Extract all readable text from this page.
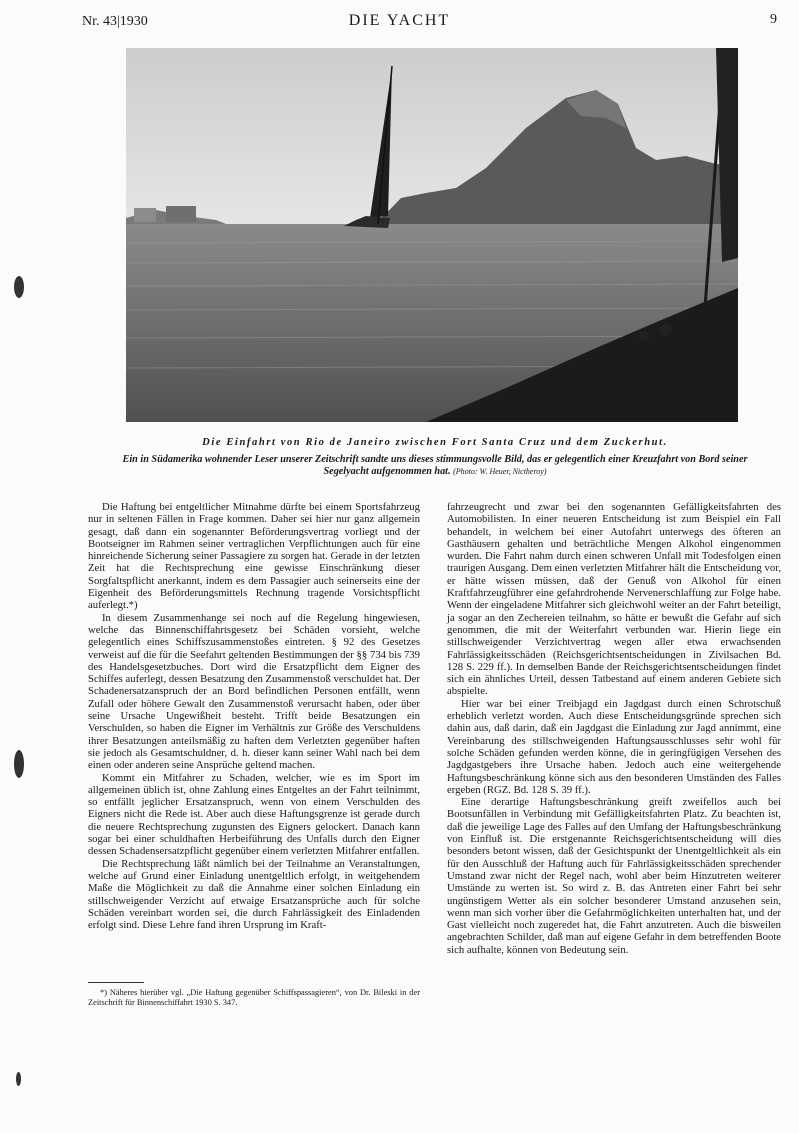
Nr. 43|1930	DIE YACHT	9
Die Einfahrt von Rio de Janeiro zwischen Fort Santa Cruz und dem Zuckerhut.
Ein in Südamerika wohnender Leser unserer Zeitschrift sandte uns dieses stimmungsvolle Bild, das er gelegentlich einer Kreuzfahrt von Bord seiner Segelyacht aufgenommen hat. (Photo: W. Heuer, Nictheroy)

Die Haftung bei entgeltlicher Mitnahme dürfte bei einem Sportsfahrzeug nur in seltenen Fällen in Frage kommen. Daher sei hier nur ganz allgemein gesagt, daß dann ein sogenannter Beförderungsvertrag vorliegt und der Bootseigner im Rahmen seiner vertraglichen Verpflichtungen auch für eine hinreichende Sicherung seiner Passagiere zu sorgen hat. Gerade in der letzten Zeit hat die Rechtsprechung eine gewisse Einschränkung dieser Sorgfaltspflicht anerkannt, indem es dem Passagier auch seinerseits eine der Eigenheit des Beförderungsmittels Rechnung tragende Vorsichtspflicht auferlegt.*)

In diesem Zusammenhange sei noch auf die Regelung hingewiesen, welche das Binnenschiffahrtsgesetz bei Schäden vorsieht, welche gelegentlich eines Schiffszusammenstoßes eintreten. § 92 des Gesetzes verweist auf die für die Seefahrt geltenden Bestimmungen der §§ 734 bis 739 des Handelsgesetzbuches. Dort wird die Ersatzpflicht dem Eigner des Schiffes auferlegt, dessen Besatzung den Zusammenstoß verschuldet hat. Der Schadenersatzanspruch der an Bord befindlichen Personen entfällt, wenn Zufall oder höhere Gewalt den Zusammenstoß verursacht haben, oder über seine Ursache Ungewißheit besteht. Trifft beide Besatzungen ein Verschulden, so haben die Eigner im Verhältnis zur Größe des Verschuldens ihrer Besatzungen anteilsmäßig zu haften dem Verletzten gegenüber haften sie jedoch als Gesamtschuldner, d. h. dieser kann seiner Wahl nach bei dem einen oder anderen seine Ansprüche geltend machen.

Kommt ein Mitfahrer zu Schaden, welcher, wie es im Sport im allgemeinen üblich ist, ohne Zahlung eines Entgeltes an der Fahrt teilnimmt, so entfällt jeglicher Ersatzanspruch, wenn von einem Verschulden des Eigners nicht die Rede ist. Aber auch diese Haftungsgrenze ist gerade durch die neuere Rechtsprechung zugunsten des Eigners gelockert. Danach kann sogar bei einer schuldhaften Herbeiführung des Unfalls durch den Eigner dessen Schadensersatzpflicht gegenüber einem verletzten Mitfahrer entfallen.

Die Rechtsprechung läßt nämlich bei der Teilnahme an Veranstaltungen, welche auf Grund einer Einladung unentgeltlich erfolgt, in weitgehendem Maße die Möglichkeit zu daß die Annahme einer solchen Einladung ein stillschweigender Verzicht auf etwaige Ersatzansprüche auch für solche Schäden vereinbart worden sei, die durch Fahrlässigkeit des Einladenden erfolgt sind. Diese Lehre fand ihren Ursprung im Kraft-

fahrzeugrecht und zwar bei den sogenannten Gefälligkeitsfahrten des Automobilisten. In einer neueren Entscheidung ist zum Beispiel ein Fall behandelt, in welchem bei einer Autofahrt unterwegs des öfteren an Gasthäusern gehalten und beträchtliche Mengen Alkohol eingenommen wurden. Die Fahrt nahm durch einen schweren Unfall mit Todesfolgen einen traurigen Ausgang. Dem einen verletzten Mitfahrer hält die Entscheidung vor, er hätte wissen müssen, daß der Genuß von Alkohol für einen Kraftfahrzeugführer eine gefahrdrohende Nervenerschlaffung zur Folge habe. Wenn der eingeladene Mitfahrer sich gleichwohl weiter an der Fahrt beteiligt, ja sogar an den Zechereien teilnahm, so hätte er bewußt die Gefahr auf sich genommen, die mit der Weiterfahrt verbunden war. Hierin liege ein stillschweigender Verzichtvertrag wegen aller etwa erwachsenden Fahrlässigkeitsschäden (Reichsgerichtsentscheidungen in Zivilsachen Bd. 128 S. 229 ff.). In demselben Bande der Reichsgerichtsentscheidungen findet sich ein ähnliches Urteil, dessen Tatbestand auf einem anderen Gebiete sich abspielte.

Hier war bei einer Treibjagd ein Jagdgast durch einen Schrotschuß erheblich verletzt worden. Auch diese Entscheidungsgründe sprechen sich dahin aus, daß darin, daß ein Jagdgast die Einladung zur Jagd annimmt, eine Vereinbarung des stillschweigenden Haftungsausschlusses sehr wohl für solche Schäden gefunden werden könne, die in geringfügigen Versehen des Jagdgastgebers ihre Ursache haben. Jedoch auch eine weitergehende Haftungsbeschränkung könne sich aus den besonderen Umständen des Falles ergeben (RGZ. Bd. 128 S. 39 ff.).

Eine derartige Haftungsbeschränkung greift zweifellos auch bei Bootsunfällen in Verbindung mit Gefälligkeitsfahrten Platz. Zu beachten ist, daß die jeweilige Lage des Falles auf den Umfang der Haftungsbeschränkung von Einfluß ist. Die erstgenannte Reichsgerichtsentscheidung will dies besonders betont wissen, daß der Gesichtspunkt der Unentgeltlichkeit als ein für den Ausschluß der Haftung auch für Fahrlässigkeitsschäden sprechender Umstand zwar nicht der Regel nach, wohl aber beim Hinzutreten weiterer Umstände zu werten ist. So wird z. B. das Antreten einer Fahrt bei sehr ungünstigem Wetter als ein solcher besonderer Umstand anzusehen sein, wenn man sich vorher über die Gefahrmöglichkeiten unterhalten hat, und der Gast vielleicht noch zugeredet hat, die Fahrt anzutreten. Auch die bisweilen angebrachten Schilder, daß man auf eigene Gefahr in dem betreffenden Boote sich aufhalte, können von Bedeutung sein.

*) Näheres hierüber vgl. „Die Haftung gegenüber Schiffspassagieren“, von Dr. Bileski in der Zeitschrift für Binnenschiffahrt 1930 S. 347.
